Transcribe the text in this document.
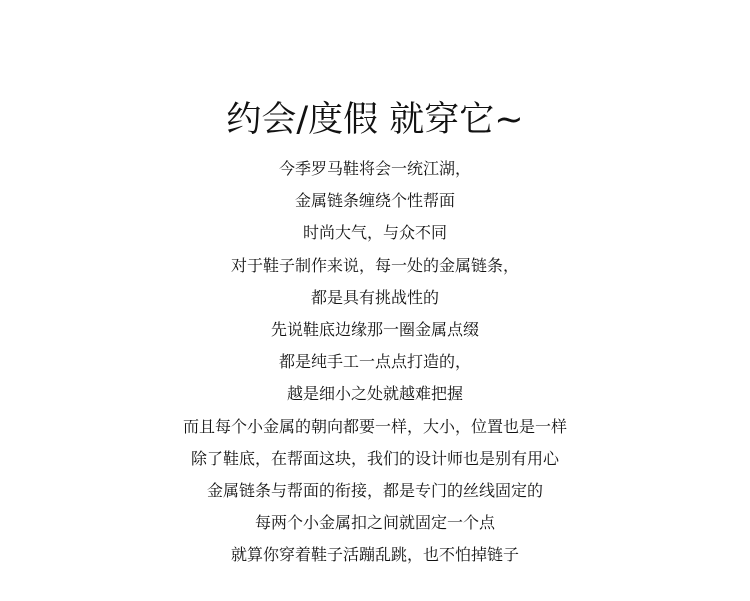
约会/度假 就穿它~
今季罗马鞋将会一统江湖，
金属链条缠绕个性帮面
时尚大气，与众不同
对于鞋子制作来说，每一处的金属链条，
都是具有挑战性的
先说鞋底边缘那一圈金属点缀
都是纯手工一点点打造的，
越是细小之处就越难把握
而且每个小金属的朝向都要一样，大小，位置也是一样
除了鞋底，在帮面这块，我们的设计师也是别有用心
金属链条与帮面的衔接，都是专门的丝线固定的
每两个小金属扣之间就固定一个点
就算你穿着鞋子活蹦乱跳，也不怕掉链子
